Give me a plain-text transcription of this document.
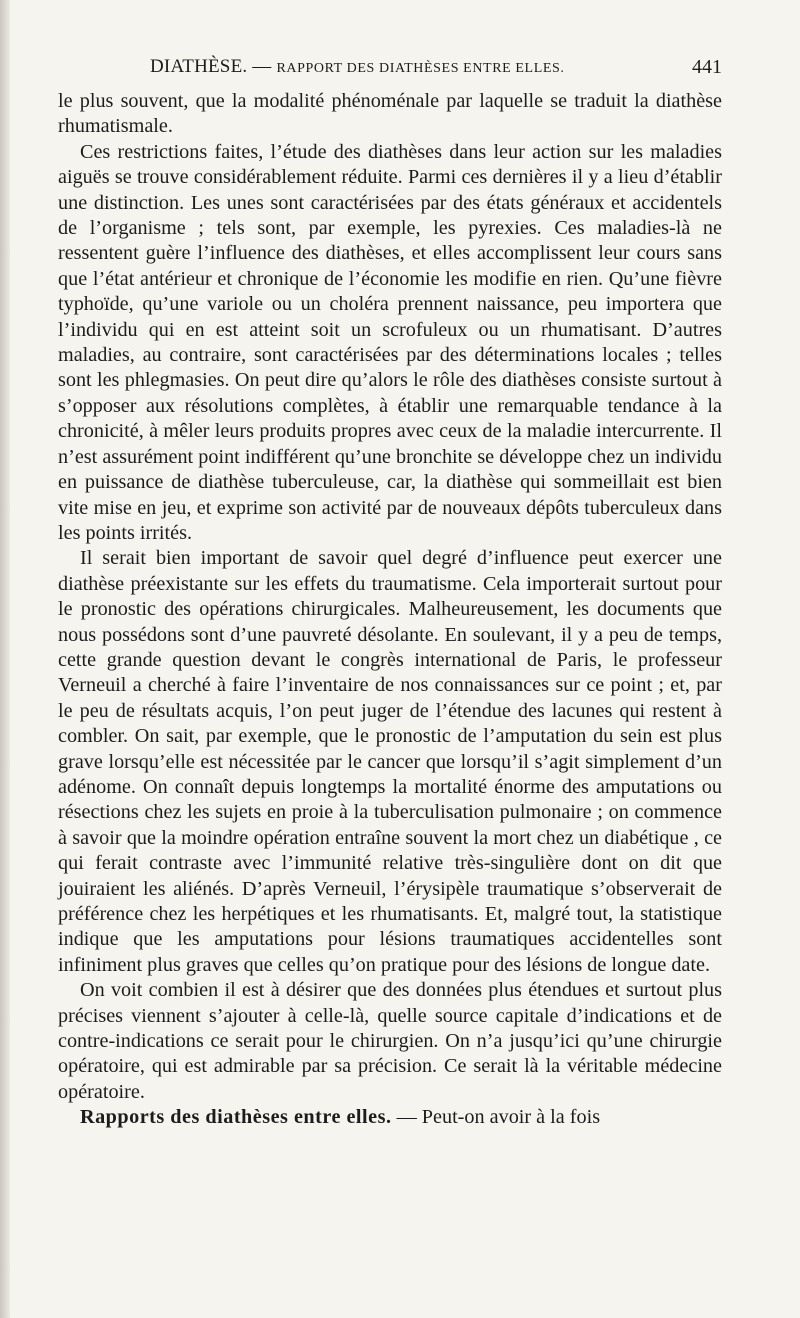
DIATHÈSE. — RAPPORT DES DIATHÈSES ENTRE ELLES.	441

le plus souvent, que la modalité phénoménale par laquelle se traduit la diathèse rhumatismale.

Ces restrictions faites, l’étude des diathèses dans leur action sur les maladies aiguës se trouve considérablement réduite. Parmi ces dernières il y a lieu d’établir une distinction. Les unes sont caractérisées par des états généraux et accidentels de l’organisme ; tels sont, par exemple, les pyrexies. Ces maladies-là ne ressentent guère l’influence des diathèses, et elles accomplissent leur cours sans que l’état antérieur et chronique de l’économie les modifie en rien. Qu’une fièvre typhoïde, qu’une variole ou un choléra prennent naissance, peu importera que l’individu qui en est atteint soit un scrofuleux ou un rhumatisant. D’autres maladies, au contraire, sont caractérisées par des déterminations locales ; telles sont les phlegmasies. On peut dire qu’alors le rôle des diathèses consiste surtout à s’opposer aux résolutions complètes, à établir une remarquable tendance à la chronicité, à mêler leurs produits propres avec ceux de la maladie intercurrente. Il n’est assurément point indifférent qu’une bronchite se développe chez un individu en puissance de diathèse tuberculeuse, car, la diathèse qui sommeillait est bien vite mise en jeu, et exprime son activité par de nouveaux dépôts tuberculeux dans les points irrités.

Il serait bien important de savoir quel degré d’influence peut exercer une diathèse préexistante sur les effets du traumatisme. Cela importerait surtout pour le pronostic des opérations chirurgicales. Malheureusement, les documents que nous possédons sont d’une pauvreté désolante. En soulevant, il y a peu de temps, cette grande question devant le congrès international de Paris, le professeur Verneuil a cherché à faire l’inventaire de nos connaissances sur ce point ; et, par le peu de résultats acquis, l’on peut juger de l’étendue des lacunes qui restent à combler. On sait, par exemple, que le pronostic de l’amputation du sein est plus grave lorsqu’elle est nécessitée par le cancer que lorsqu’il s’agit simplement d’un adénome. On connaît depuis longtemps la mortalité énorme des amputations ou résections chez les sujets en proie à la tuberculisation pulmonaire ; on commence à savoir que la moindre opération entraîne souvent la mort chez un diabétique , ce qui ferait contraste avec l’immunité relative très-singulière dont on dit que jouiraient les aliénés. D’après Verneuil, l’érysipèle traumatique s’observerait de préférence chez les herpétiques et les rhumatisants. Et, malgré tout, la statistique indique que les amputations pour lésions traumatiques accidentelles sont infiniment plus graves que celles qu’on pratique pour des lésions de longue date.

On voit combien il est à désirer que des données plus étendues et surtout plus précises viennent s’ajouter à celle-là, quelle source capitale d’indications et de contre-indications ce serait pour le chirurgien. On n’a jusqu’ici qu’une chirurgie opératoire, qui est admirable par sa précision. Ce serait là la véritable médecine opératoire.

Rapports des diathèses entre elles. — Peut-on avoir à la fois
